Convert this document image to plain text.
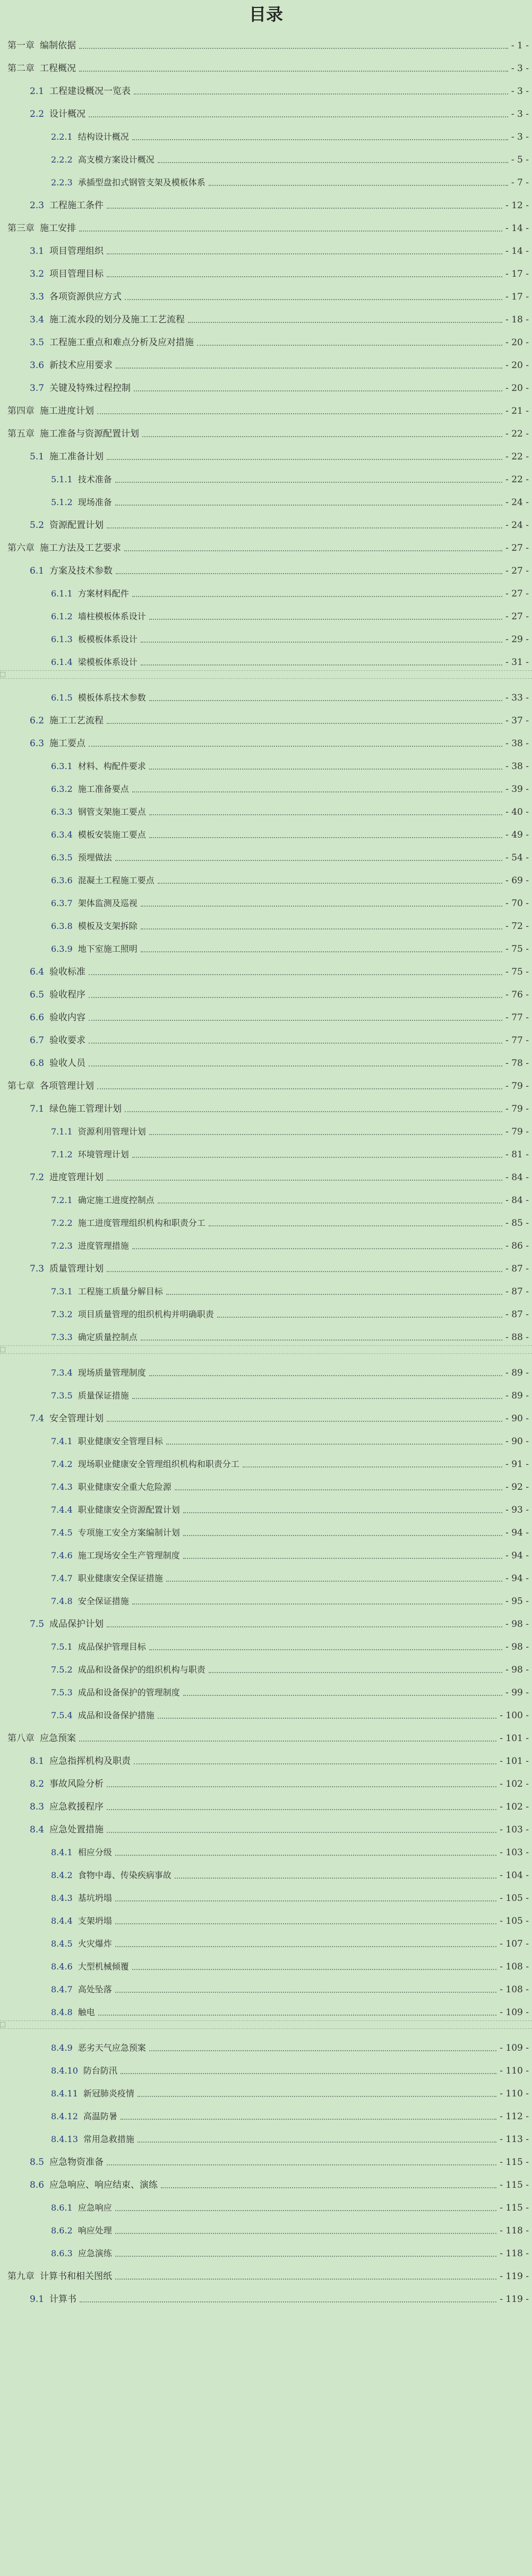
目录
第一章 编制依据	- 1 -
第二章 工程概况	- 3 -
2.1 工程建设概况一览表	- 3 -
2.2 设计概况	- 3 -
2.2.1 结构设计概况	- 3 -
2.2.2 高支模方案设计概况	- 5 -
2.2.3 承插型盘扣式钢管支架及模板体系	- 7 -
2.3 工程施工条件	- 12 -
第三章 施工安排	- 14 -
3.1 项目管理组织	- 14 -
3.2 项目管理目标	- 17 -
3.3 各项资源供应方式	- 17 -
3.4 施工流水段的划分及施工工艺流程	- 18 -
3.5 工程施工重点和难点分析及应对措施	- 20 -
3.6 新技术应用要求	- 20 -
3.7 关键及特殊过程控制	- 20 -
第四章 施工进度计划	- 21 -
第五章 施工准备与资源配置计划	- 22 -
5.1 施工准备计划	- 22 -
5.1.1 技术准备	- 22 -
5.1.2 现场准备	- 24 -
5.2 资源配置计划	- 24 -
第六章 施工方法及工艺要求	- 27 -
6.1 方案及技术参数	- 27 -
6.1.1 方案材料配件	- 27 -
6.1.2 墙柱模板体系设计	- 27 -
6.1.3 板模板体系设计	- 29 -
6.1.4 梁模板体系设计	- 31 -
6.1.5 模板体系技术参数	- 33 -
6.2 施工工艺流程	- 37 -
6.3 施工要点	- 38 -
6.3.1 材料、构配件要求	- 38 -
6.3.2 施工准备要点	- 39 -
6.3.3 钢管支架施工要点	- 40 -
6.3.4 模板安装施工要点	- 49 -
6.3.5 预埋做法	- 54 -
6.3.6 混凝土工程施工要点	- 69 -
6.3.7 架体监测及巡视	- 70 -
6.3.8 模板及支架拆除	- 72 -
6.3.9 地下室施工照明	- 75 -
6.4 验收标准	- 75 -
6.5 验收程序	- 76 -
6.6 验收内容	- 77 -
6.7 验收要求	- 77 -
6.8 验收人员	- 78 -
第七章 各项管理计划	- 79 -
7.1 绿色施工管理计划	- 79 -
7.1.1 资源利用管理计划	- 79 -
7.1.2 环境管理计划	- 81 -
7.2 进度管理计划	- 84 -
7.2.1 确定施工进度控制点	- 84 -
7.2.2 施工进度管理组织机构和职责分工	- 85 -
7.2.3 进度管理措施	- 86 -
7.3 质量管理计划	- 87 -
7.3.1 工程施工质量分解目标	- 87 -
7.3.2 项目质量管理的组织机构并明确职责	- 87 -
7.3.3 确定质量控制点	- 88 -
7.3.4 现场质量管理制度	- 89 -
7.3.5 质量保证措施	- 89 -
7.4 安全管理计划	- 90 -
7.4.1 职业健康安全管理目标	- 90 -
7.4.2 现场职业健康安全管理组织机构和职责分工	- 91 -
7.4.3 职业健康安全重大危险源	- 92 -
7.4.4 职业健康安全资源配置计划	- 93 -
7.4.5 专项施工安全方案编制计划	- 94 -
7.4.6 施工现场安全生产管理制度	- 94 -
7.4.7 职业健康安全保证措施	- 94 -
7.4.8 安全保证措施	- 95 -
7.5 成品保护计划	- 98 -
7.5.1 成品保护管理目标	- 98 -
7.5.2 成品和设备保护的组织机构与职责	- 98 -
7.5.3 成品和设备保护的管理制度	- 99 -
7.5.4 成品和设备保护措施	- 100 -
第八章 应急预案	- 101 -
8.1 应急指挥机构及职责	- 101 -
8.2 事故风险分析	- 102 -
8.3 应急救援程序	- 102 -
8.4 应急处置措施	- 103 -
8.4.1 相应分级	- 103 -
8.4.2 食物中毒、传染疾病事故	- 104 -
8.4.3 基坑坍塌	- 105 -
8.4.4 支架坍塌	- 105 -
8.4.5 火灾爆炸	- 107 -
8.4.6 大型机械倾覆	- 108 -
8.4.7 高处坠落	- 108 -
8.4.8 触电	- 109 -
8.4.9 恶劣天气应急预案	- 109 -
8.4.10 防台防汛	- 110 -
8.4.11 新冠肺炎疫情	- 110 -
8.4.12 高温防暑	- 112 -
8.4.13 常用急救措施	- 113 -
8.5 应急物资准备	- 115 -
8.6 应急响应、响应结束、演练	- 115 -
8.6.1 应急响应	- 115 -
8.6.2 响应处理	- 118 -
8.6.3 应急演练	- 118 -
第九章 计算书和相关图纸	- 119 -
9.1 计算书	- 119 -
